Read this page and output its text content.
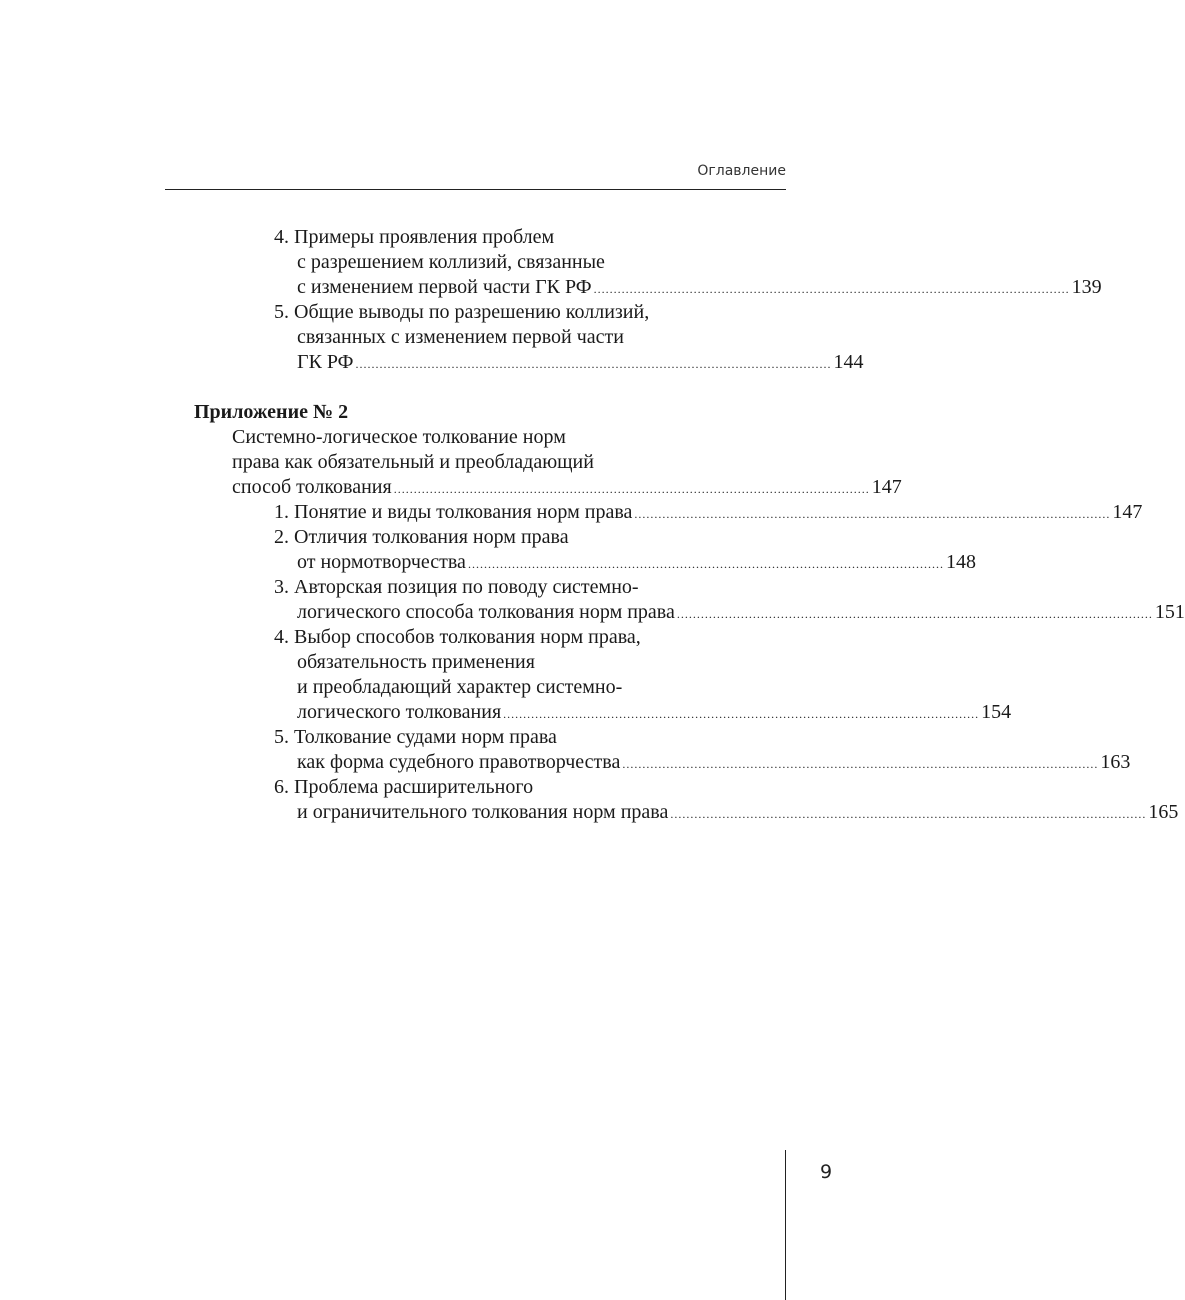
Оглавление
4. Примеры проявления проблем
с разрешением коллизий, связанные
с изменением первой части ГК РФ ....................................................................................................................... 139
5. Общие выводы по разрешению коллизий,
связанных с изменением первой части
ГК РФ ....................................................................................................................... 144
Приложение № 2
Системно-логическое толкование норм
права как обязательный и преобладающий
способ толкования ....................................................................................................................... 147
1. Понятие и виды толкования норм права ....................................................................................................................... 147
2. Отличия толкования норм права
от нормотворчества ....................................................................................................................... 148
3. Авторская позиция по поводу системно-
логического способа толкования норм права ....................................................................................................................... 151
4. Выбор способов толкования норм права,
обязательность применения
и преобладающий характер системно-
логического толкования ....................................................................................................................... 154
5. Толкование судами норм права
как форма судебного правотворчества ....................................................................................................................... 163
6. Проблема расширительного
и ограничительного толкования норм права ....................................................................................................................... 165
9
